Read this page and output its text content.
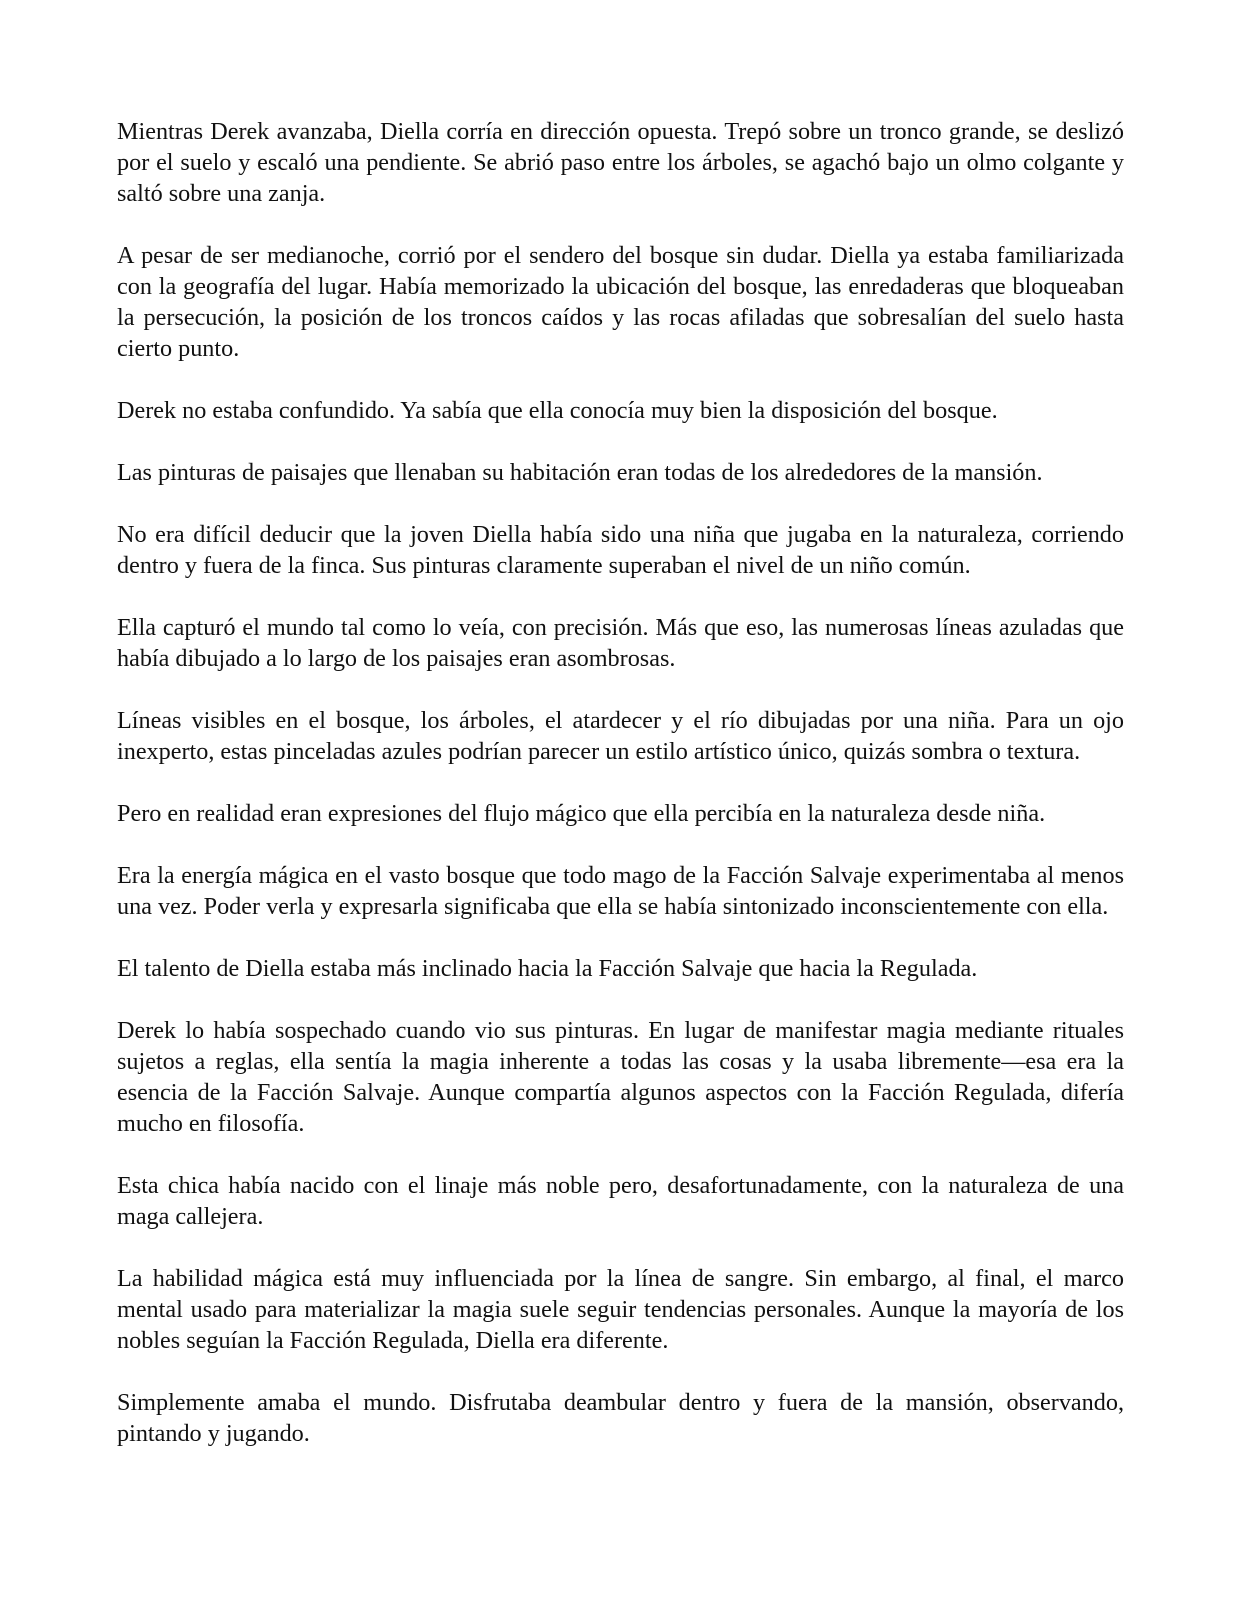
Mientras Derek avanzaba, Diella corría en dirección opuesta. Trepó sobre un tronco grande, se deslizó por el suelo y escaló una pendiente. Se abrió paso entre los árboles, se agachó bajo un olmo colgante y saltó sobre una zanja.

A pesar de ser medianoche, corrió por el sendero del bosque sin dudar. Diella ya estaba familiarizada con la geografía del lugar. Había memorizado la ubicación del bosque, las enredaderas que bloqueaban la persecución, la posición de los troncos caídos y las rocas afiladas que sobresalían del suelo hasta cierto punto.

Derek no estaba confundido. Ya sabía que ella conocía muy bien la disposición del bosque.

Las pinturas de paisajes que llenaban su habitación eran todas de los alrededores de la mansión.

No era difícil deducir que la joven Diella había sido una niña que jugaba en la naturaleza, corriendo dentro y fuera de la finca. Sus pinturas claramente superaban el nivel de un niño común.

Ella capturó el mundo tal como lo veía, con precisión. Más que eso, las numerosas líneas azuladas que había dibujado a lo largo de los paisajes eran asombrosas.

Líneas visibles en el bosque, los árboles, el atardecer y el río dibujadas por una niña. Para un ojo inexperto, estas pinceladas azules podrían parecer un estilo artístico único, quizás sombra o textura.

Pero en realidad eran expresiones del flujo mágico que ella percibía en la naturaleza desde niña.

Era la energía mágica en el vasto bosque que todo mago de la Facción Salvaje experimentaba al menos una vez. Poder verla y expresarla significaba que ella se había sintonizado inconscientemente con ella.

El talento de Diella estaba más inclinado hacia la Facción Salvaje que hacia la Regulada.

Derek lo había sospechado cuando vio sus pinturas. En lugar de manifestar magia mediante rituales sujetos a reglas, ella sentía la magia inherente a todas las cosas y la usaba libremente—esa era la esencia de la Facción Salvaje. Aunque compartía algunos aspectos con la Facción Regulada, difería mucho en filosofía.

Esta chica había nacido con el linaje más noble pero, desafortunadamente, con la naturaleza de una maga callejera.

La habilidad mágica está muy influenciada por la línea de sangre. Sin embargo, al final, el marco mental usado para materializar la magia suele seguir tendencias personales. Aunque la mayoría de los nobles seguían la Facción Regulada, Diella era diferente.

Simplemente amaba el mundo. Disfrutaba deambular dentro y fuera de la mansión, observando, pintando y jugando.
